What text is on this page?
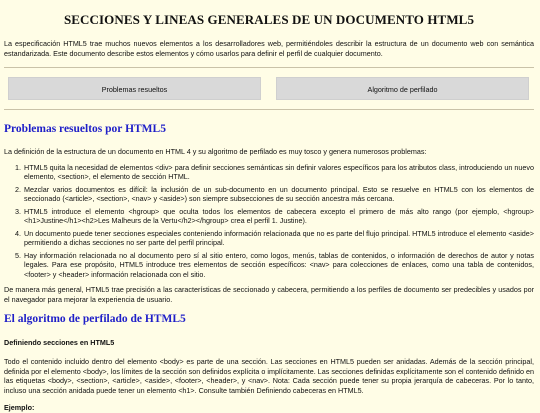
SECCIONES Y LINEAS GENERALES DE UN DOCUMENTO HTML5

La especificación HTML5 trae muchos nuevos elementos a los desarrolladores web, permitiéndoles describir la estructura de un documento web con semántica estandarizada. Este documento describe estos elementos y cómo usarlos para definir el perfil de cualquier documento.

Problemas resueltos	Algoritmo de perfilado
Problemas resueltos por HTML5

La definición de la estructura de un documento en HTML 4 y su algoritmo de perfilado es muy tosco y genera numerosos problemas:

1. HTML5 quita la necesidad de elementos <div> para definir secciones semánticas sin definir valores específicos para los atributos class, introduciendo un nuevo elemento, <section>, el elemento de sección HTML.
2. Mezclar varios documentos es difícil: la inclusión de un sub-documento en un documento principal. Esto se resuelve en HTML5 con los elementos de seccionado (<article>, <section>, <nav> y <aside>) son siempre subsecciones de su sección ancestra más cercana.
3. HTML5 introduce el elemento <hgroup> que oculta todos los elementos de cabecera excepto el primero de más alto rango (por ejemplo, <hgroup><h1>Justine</h1><h2>Les Malheurs de la Vertu</h2></hgroup> crea el perfil 1. Justine).
4. Un documento puede tener secciones especiales conteniendo información relacionada que no es parte del flujo principal. HTML5 introduce el elemento <aside> permitiendo a dichas secciones no ser parte del perfil principal.
5. Hay información relacionada no al documento pero sí al sitio entero, como logos, menús, tablas de contenidos, o información de derechos de autor y notas legales. Para ese propósito, HTML5 introduce tres elementos de sección específicos: <nav> para colecciones de enlaces, como una tabla de contenidos, <footer> y <header> información relacionada con el sitio.

De manera más general, HTML5 trae precisión a las características de seccionado y cabecera, permitiendo a los perfiles de documento ser predecibles y usados por el navegador para mejorar la experiencia de usuario.

El algoritmo de perfilado de HTML5
Definiendo secciones en HTML5

Todo el contenido incluido dentro del elemento <body> es parte de una sección. Las secciones en HTML5 pueden ser anidadas. Además de la sección principal, definida por el elemento <body>, los límites de la sección son definidos explícita o implícitamente. Las secciones definidas explícitamente son el contenido definido en las etiquetas <body>, <section>, <article>, <aside>, <footer>, <header>, y <nav>. Nota: Cada sección puede tener su propia jerarquía de cabeceras. Por lo tanto, incluso una sección anidada puede tener un elemento <h1>. Consulte también Definiendo cabeceras en HTML5.

Ejemplo:
